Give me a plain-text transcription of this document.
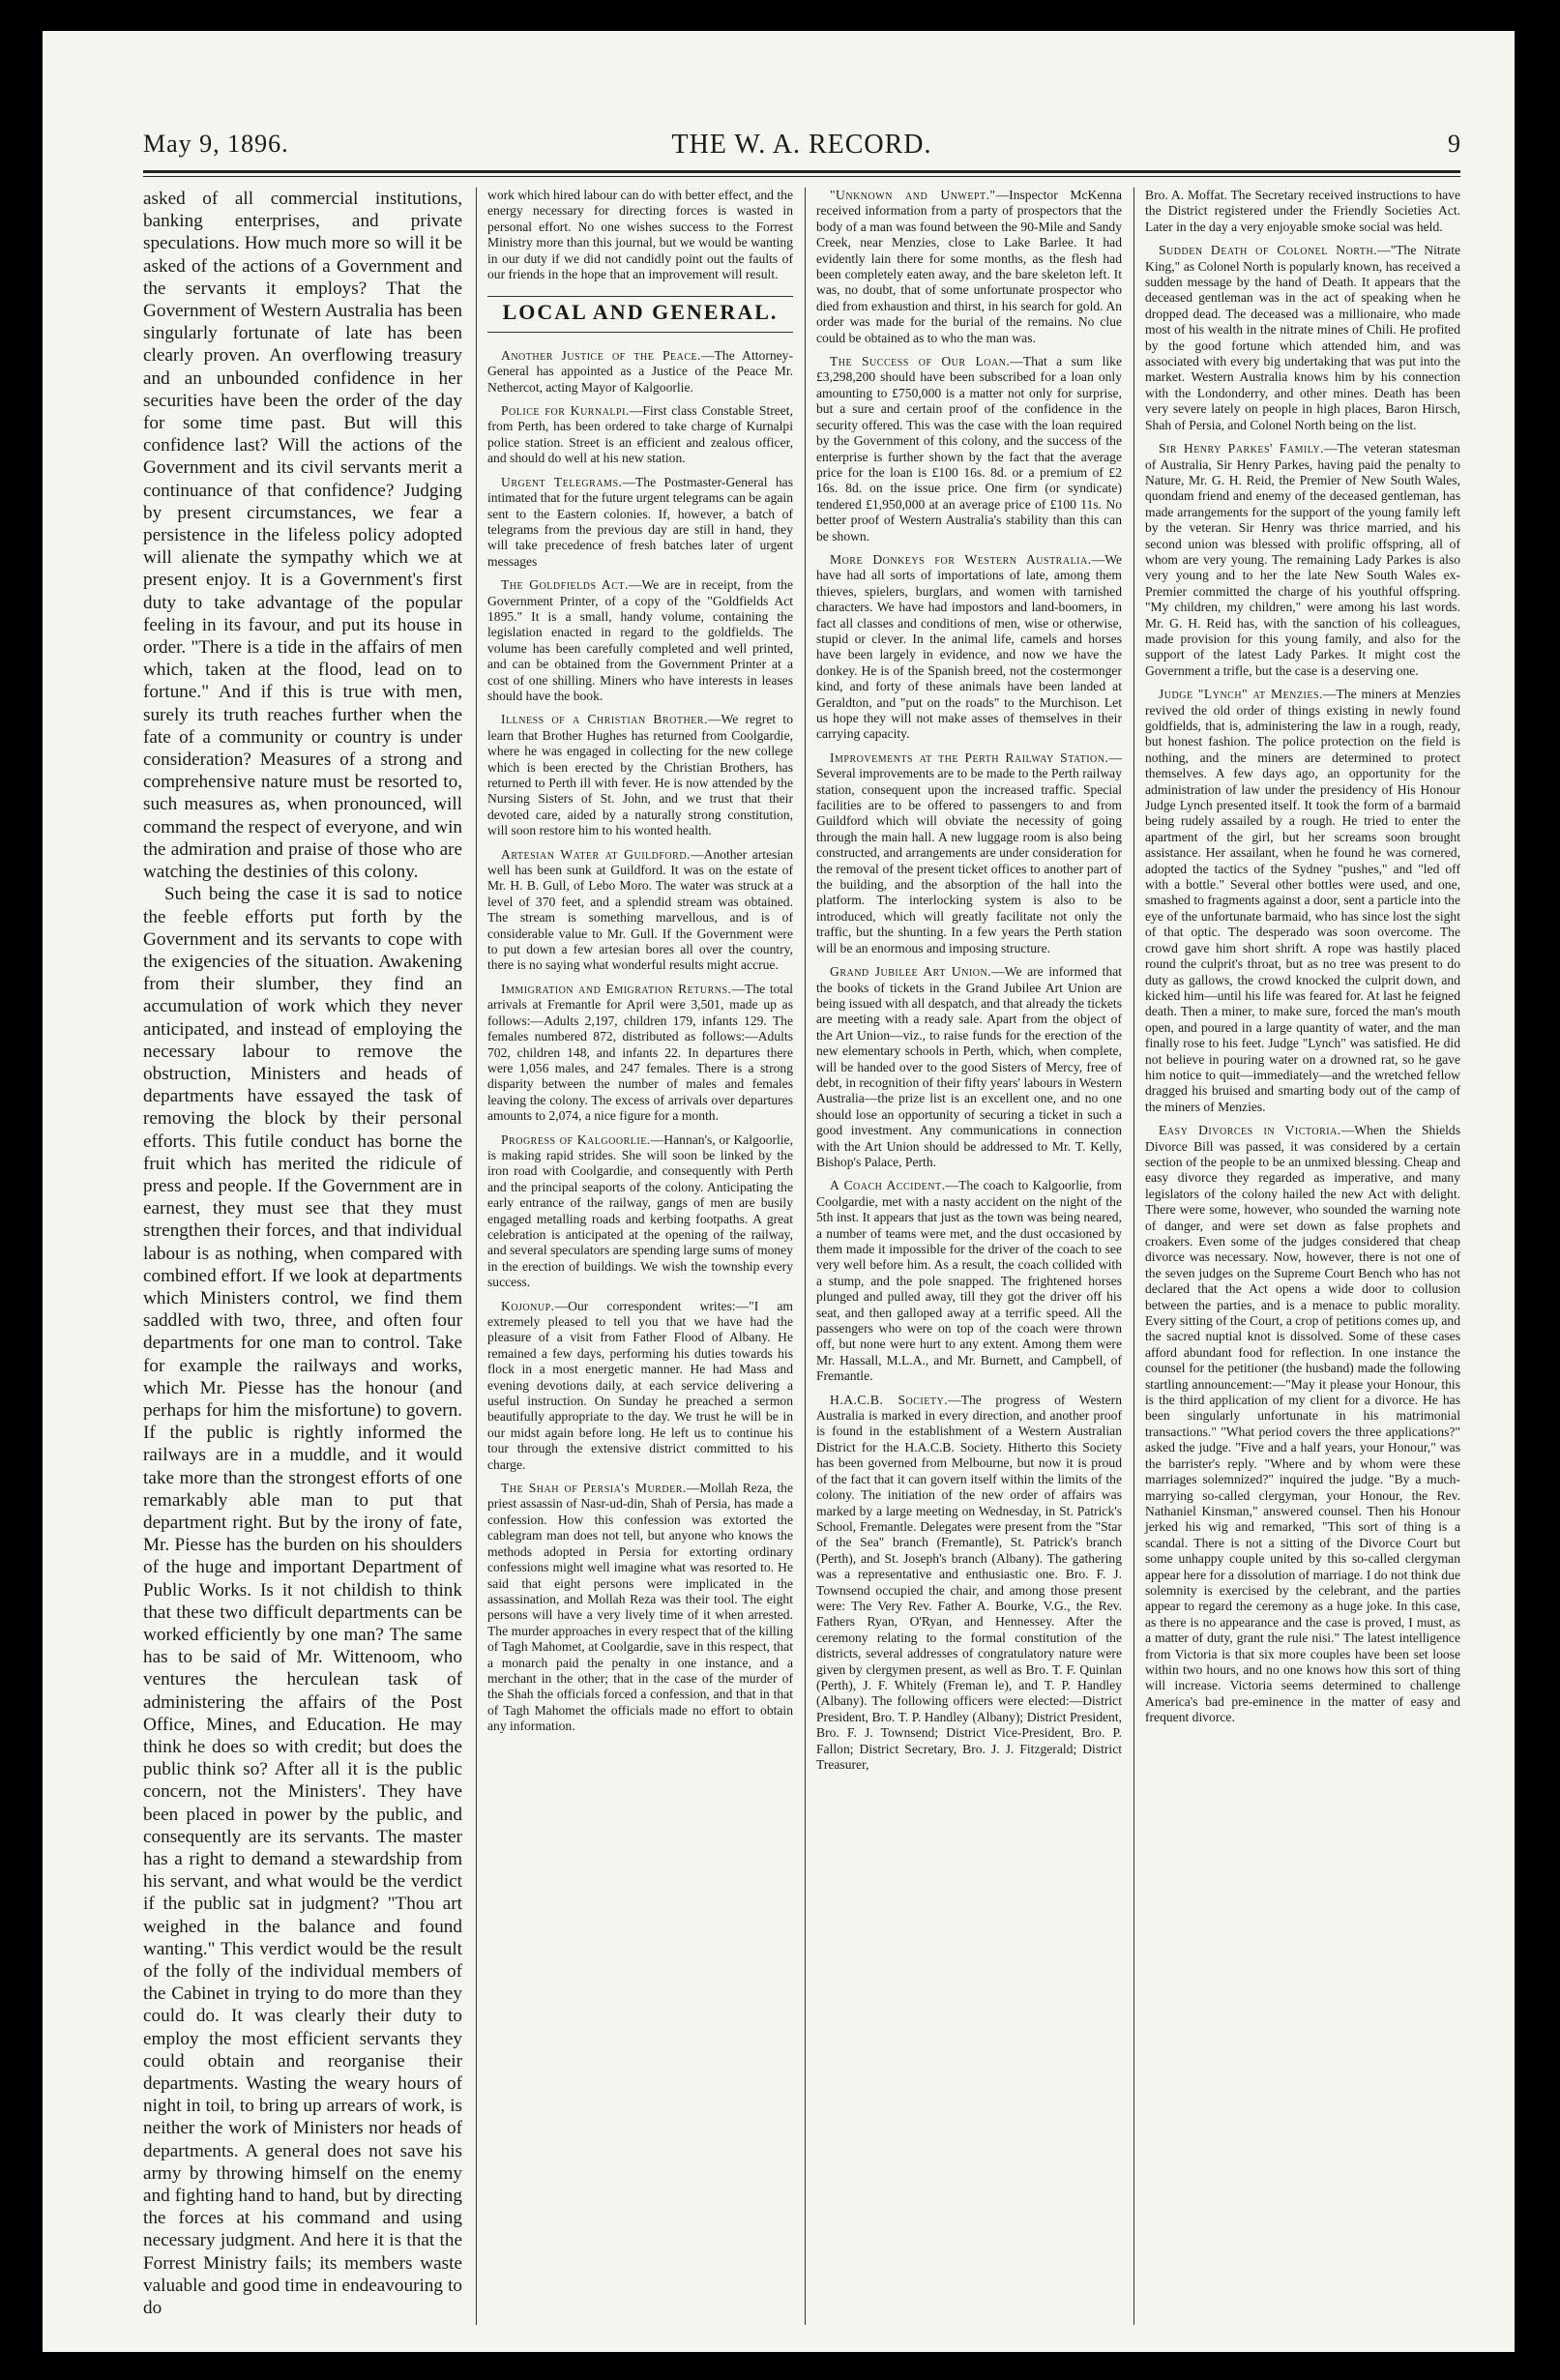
May 9, 1896.	THE W. A. RECORD.	9

asked of all commercial institutions, banking enterprises, and private speculations. How much more so will it be asked of the actions of a Government and the servants it employs? That the Government of Western Australia has been singularly fortunate of late has been clearly proven. An overflowing treasury and an unbounded confidence in her securities have been the order of the day for some time past. But will this confidence last? Will the actions of the Government and its civil servants merit a continuance of that confidence? Judging by present circumstances, we fear a persistence in the lifeless policy adopted will alienate the sympathy which we at present enjoy. It is a Government's first duty to take advantage of the popular feeling in its favour, and put its house in order. "There is a tide in the affairs of men which, taken at the flood, lead on to fortune." And if this is true with men, surely its truth reaches further when the fate of a community or country is under consideration? Measures of a strong and comprehensive nature must be resorted to, such measures as, when pronounced, will command the respect of everyone, and win the admiration and praise of those who are watching the destinies of this colony.

Such being the case it is sad to notice the feeble efforts put forth by the Government and its servants to cope with the exigencies of the situation. Awakening from their slumber, they find an accumulation of work which they never anticipated, and instead of employing the necessary labour to remove the obstruction, Ministers and heads of departments have essayed the task of removing the block by their personal efforts. This futile conduct has borne the fruit which has merited the ridicule of press and people. If the Government are in earnest, they must see that they must strengthen their forces, and that individual labour is as nothing, when compared with combined effort. If we look at departments which Ministers control, we find them saddled with two, three, and often four departments for one man to control. Take for example the railways and works, which Mr. Piesse has the honour (and perhaps for him the misfortune) to govern. If the public is rightly informed the railways are in a muddle, and it would take more than the strongest efforts of one remarkably able man to put that department right. But by the irony of fate, Mr. Piesse has the burden on his shoulders of the huge and important Department of Public Works. Is it not childish to think that these two difficult departments can be worked efficiently by one man? The same has to be said of Mr. Wittenoom, who ventures the herculean task of administering the affairs of the Post Office, Mines, and Education. He may think he does so with credit; but does the public think so? After all it is the public concern, not the Ministers'. They have been placed in power by the public, and consequently are its servants. The master has a right to demand a stewardship from his servant, and what would be the verdict if the public sat in judgment? "Thou art weighed in the balance and found wanting." This verdict would be the result of the folly of the individual members of the Cabinet in trying to do more than they could do. It was clearly their duty to employ the most efficient servants they could obtain and reorganise their departments. Wasting the weary hours of night in toil, to bring up arrears of work, is neither the work of Ministers nor heads of departments. A general does not save his army by throwing himself on the enemy and fighting hand to hand, but by directing the forces at his command and using necessary judgment. And here it is that the Forrest Ministry fails; its members waste valuable and good time in endeavouring to do

work which hired labour can do with better effect, and the energy necessary for directing forces is wasted in personal effort. No one wishes success to the Forrest Ministry more than this journal, but we would be wanting in our duty if we did not candidly point out the faults of our friends in the hope that an improvement will result.

LOCAL AND GENERAL.

Another Justice of the Peace.—The Attorney-General has appointed as a Justice of the Peace Mr. Nethercot, acting Mayor of Kalgoorlie.

Police for Kurnalpi.—First class Constable Street, from Perth, has been ordered to take charge of Kurnalpi police station. Street is an efficient and zealous officer, and should do well at his new station.

Urgent Telegrams.—The Postmaster-General has intimated that for the future urgent telegrams can be again sent to the Eastern colonies. If, however, a batch of telegrams from the previous day are still in hand, they will take precedence of fresh batches later of urgent messages

The Goldfields Act.—We are in receipt, from the Government Printer, of a copy of the "Goldfields Act 1895." It is a small, handy volume, containing the legislation enacted in regard to the goldfields. The volume has been carefully completed and well printed, and can be obtained from the Government Printer at a cost of one shilling. Miners who have interests in leases should have the book.

Illness of a Christian Brother.—We regret to learn that Brother Hughes has returned from Coolgardie, where he was engaged in collecting for the new college which is been erected by the Christian Brothers, has returned to Perth ill with fever. He is now attended by the Nursing Sisters of St. John, and we trust that their devoted care, aided by a naturally strong constitution, will soon restore him to his wonted health.

Artesian Water at Guildford.—Another artesian well has been sunk at Guildford. It was on the estate of Mr. H. B. Gull, of Lebo Moro. The water was struck at a level of 370 feet, and a splendid stream was obtained. The stream is something marvellous, and is of considerable value to Mr. Gull. If the Government were to put down a few artesian bores all over the country, there is no saying what wonderful results might accrue.

Immigration and Emigration Returns.—The total arrivals at Fremantle for April were 3,501, made up as follows:—Adults 2,197, children 179, infants 129. The females numbered 872, distributed as follows:—Adults 702, children 148, and infants 22. In departures there were 1,056 males, and 247 females. There is a strong disparity between the number of males and females leaving the colony. The excess of arrivals over departures amounts to 2,074, a nice figure for a month.

Progress of Kalgoorlie.—Hannan's, or Kalgoorlie, is making rapid strides. She will soon be linked by the iron road with Coolgardie, and consequently with Perth and the principal seaports of the colony. Anticipating the early entrance of the railway, gangs of men are busily engaged metalling roads and kerbing footpaths. A great celebration is anticipated at the opening of the railway, and several speculators are spending large sums of money in the erection of buildings. We wish the township every success.

Kojonup.—Our correspondent writes:—"I am extremely pleased to tell you that we have had the pleasure of a visit from Father Flood of Albany. He remained a few days, performing his duties towards his flock in a most energetic manner. He had Mass and evening devotions daily, at each service delivering a useful instruction. On Sunday he preached a sermon beautifully appropriate to the day. We trust he will be in our midst again before long. He left us to continue his tour through the extensive district committed to his charge.

The Shah of Persia's Murder.—Mollah Reza, the priest assassin of Nasr-ud-din, Shah of Persia, has made a confession. How this confession was extorted the cablegram man does not tell, but anyone who knows the methods adopted in Persia for extorting ordinary confessions might well imagine what was resorted to. He said that eight persons were implicated in the assassination, and Mollah Reza was their tool. The eight persons will have a very lively time of it when arrested. The murder approaches in every respect that of the killing of Tagh Mahomet, at Coolgardie, save in this respect, that a monarch paid the penalty in one instance, and a merchant in the other; that in the case of the murder of the Shah the officials forced a confession, and that in that of Tagh Mahomet the officials made no effort to obtain any information.

"Unknown and Unwept."—Inspector McKenna received information from a party of prospectors that the body of a man was found between the 90-Mile and Sandy Creek, near Menzies, close to Lake Barlee. It had evidently lain there for some months, as the flesh had been completely eaten away, and the bare skeleton left. It was, no doubt, that of some unfortunate prospector who died from exhaustion and thirst, in his search for gold. An order was made for the burial of the remains. No clue could be obtained as to who the man was.

The Success of Our Loan.—That a sum like £3,298,200 should have been subscribed for a loan only amounting to £750,000 is a matter not only for surprise, but a sure and certain proof of the confidence in the security offered. This was the case with the loan required by the Government of this colony, and the success of the enterprise is further shown by the fact that the average price for the loan is £100 16s. 8d. or a premium of £2 16s. 8d. on the issue price. One firm (or syndicate) tendered £1,950,000 at an average price of £100 11s. No better proof of Western Australia's stability than this can be shown.

More Donkeys for Western Australia.—We have had all sorts of importations of late, among them thieves, spielers, burglars, and women with tarnished characters. We have had impostors and land-boomers, in fact all classes and conditions of men, wise or otherwise, stupid or clever. In the animal life, camels and horses have been largely in evidence, and now we have the donkey. He is of the Spanish breed, not the costermonger kind, and forty of these animals have been landed at Geraldton, and "put on the roads" to the Murchison. Let us hope they will not make asses of themselves in their carrying capacity.

Improvements at the Perth Railway Station.—Several improvements are to be made to the Perth railway station, consequent upon the increased traffic. Special facilities are to be offered to passengers to and from Guildford which will obviate the necessity of going through the main hall. A new luggage room is also being constructed, and arrangements are under consideration for the removal of the present ticket offices to another part of the building, and the absorption of the hall into the platform. The interlocking system is also to be introduced, which will greatly facilitate not only the traffic, but the shunting. In a few years the Perth station will be an enormous and imposing structure.

Grand Jubilee Art Union.—We are informed that the books of tickets in the Grand Jubilee Art Union are being issued with all despatch, and that already the tickets are meeting with a ready sale. Apart from the object of the Art Union—viz., to raise funds for the erection of the new elementary schools in Perth, which, when complete, will be handed over to the good Sisters of Mercy, free of debt, in recognition of their fifty years' labours in Western Australia—the prize list is an excellent one, and no one should lose an opportunity of securing a ticket in such a good investment. Any communications in connection with the Art Union should be addressed to Mr. T. Kelly, Bishop's Palace, Perth.

A Coach Accident.—The coach to Kalgoorlie, from Coolgardie, met with a nasty accident on the night of the 5th inst. It appears that just as the town was being neared, a number of teams were met, and the dust occasioned by them made it impossible for the driver of the coach to see very well before him. As a result, the coach collided with a stump, and the pole snapped. The frightened horses plunged and pulled away, till they got the driver off his seat, and then galloped away at a terrific speed. All the passengers who were on top of the coach were thrown off, but none were hurt to any extent. Among them were Mr. Hassall, M.L.A., and Mr. Burnett, and Campbell, of Fremantle.

H.A.C.B. Society.—The progress of Western Australia is marked in every direction, and another proof is found in the establishment of a Western Australian District for the H.A.C.B. Society. Hitherto this Society has been governed from Melbourne, but now it is proud of the fact that it can govern itself within the limits of the colony. The initiation of the new order of affairs was marked by a large meeting on Wednesday, in St. Patrick's School, Fremantle. Delegates were present from the "Star of the Sea" branch (Fremantle), St. Patrick's branch (Perth), and St. Joseph's branch (Albany). The gathering was a representative and enthusiastic one. Bro. F. J. Townsend occupied the chair, and among those present were: The Very Rev. Father A. Bourke, V.G., the Rev. Fathers Ryan, O'Ryan, and Hennessey. After the ceremony relating to the formal constitution of the districts, several addresses of congratulatory nature were given by clergymen present, as well as Bro. T. F. Quinlan (Perth), J. F. Whitely (Freman le), and T. P. Handley (Albany). The following officers were elected:—District President, Bro. T. P. Handley (Albany); District President, Bro. F. J. Townsend; District Vice-President, Bro. P. Fallon; District Secretary, Bro. J. J. Fitzgerald; District Treasurer,

Bro. A. Moffat. The Secretary received instructions to have the District registered under the Friendly Societies Act. Later in the day a very enjoyable smoke social was held.

Sudden Death of Colonel North.—"The Nitrate King," as Colonel North is popularly known, has received a sudden message by the hand of Death. It appears that the deceased gentleman was in the act of speaking when he dropped dead. The deceased was a millionaire, who made most of his wealth in the nitrate mines of Chili. He profited by the good fortune which attended him, and was associated with every big undertaking that was put into the market. Western Australia knows him by his connection with the Londonderry, and other mines. Death has been very severe lately on people in high places, Baron Hirsch, Shah of Persia, and Colonel North being on the list.

Sir Henry Parkes' Family.—The veteran statesman of Australia, Sir Henry Parkes, having paid the penalty to Nature, Mr. G. H. Reid, the Premier of New South Wales, quondam friend and enemy of the deceased gentleman, has made arrangements for the support of the young family left by the veteran. Sir Henry was thrice married, and his second union was blessed with prolific offspring, all of whom are very young. The remaining Lady Parkes is also very young and to her the late New South Wales ex-Premier committed the charge of his youthful offspring. "My children, my children," were among his last words. Mr. G. H. Reid has, with the sanction of his colleagues, made provision for this young family, and also for the support of the latest Lady Parkes. It might cost the Government a trifle, but the case is a deserving one.

Judge "Lynch" at Menzies.—The miners at Menzies revived the old order of things existing in newly found goldfields, that is, administering the law in a rough, ready, but honest fashion. The police protection on the field is nothing, and the miners are determined to protect themselves. A few days ago, an opportunity for the administration of law under the presidency of His Honour Judge Lynch presented itself. It took the form of a barmaid being rudely assailed by a rough. He tried to enter the apartment of the girl, but her screams soon brought assistance. Her assailant, when he found he was cornered, adopted the tactics of the Sydney "pushes," and "led off with a bottle." Several other bottles were used, and one, smashed to fragments against a door, sent a particle into the eye of the unfortunate barmaid, who has since lost the sight of that optic. The desperado was soon overcome. The crowd gave him short shrift. A rope was hastily placed round the culprit's throat, but as no tree was present to do duty as gallows, the crowd knocked the culprit down, and kicked him—until his life was feared for. At last he feigned death. Then a miner, to make sure, forced the man's mouth open, and poured in a large quantity of water, and the man finally rose to his feet. Judge "Lynch" was satisfied. He did not believe in pouring water on a drowned rat, so he gave him notice to quit—immediately—and the wretched fellow dragged his bruised and smarting body out of the camp of the miners of Menzies.

Easy Divorces in Victoria.—When the Shields Divorce Bill was passed, it was considered by a certain section of the people to be an unmixed blessing. Cheap and easy divorce they regarded as imperative, and many legislators of the colony hailed the new Act with delight. There were some, however, who sounded the warning note of danger, and were set down as false prophets and croakers. Even some of the judges considered that cheap divorce was necessary. Now, however, there is not one of the seven judges on the Supreme Court Bench who has not declared that the Act opens a wide door to collusion between the parties, and is a menace to public morality. Every sitting of the Court, a crop of petitions comes up, and the sacred nuptial knot is dissolved. Some of these cases afford abundant food for reflection. In one instance the counsel for the petitioner (the husband) made the following startling announcement:—"May it please your Honour, this is the third application of my client for a divorce. He has been singularly unfortunate in his matrimonial transactions." "What period covers the three applications?" asked the judge. "Five and a half years, your Honour," was the barrister's reply. "Where and by whom were these marriages solemnized?" inquired the judge. "By a much-marrying so-called clergyman, your Honour, the Rev. Nathaniel Kinsman," answered counsel. Then his Honour jerked his wig and remarked, "This sort of thing is a scandal. There is not a sitting of the Divorce Court but some unhappy couple united by this so-called clergyman appear here for a dissolution of marriage. I do not think due solemnity is exercised by the celebrant, and the parties appear to regard the ceremony as a huge joke. In this case, as there is no appearance and the case is proved, I must, as a matter of duty, grant the rule nisi." The latest intelligence from Victoria is that six more couples have been set loose within two hours, and no one knows how this sort of thing will increase. Victoria seems determined to challenge America's bad pre-eminence in the matter of easy and frequent divorce.
